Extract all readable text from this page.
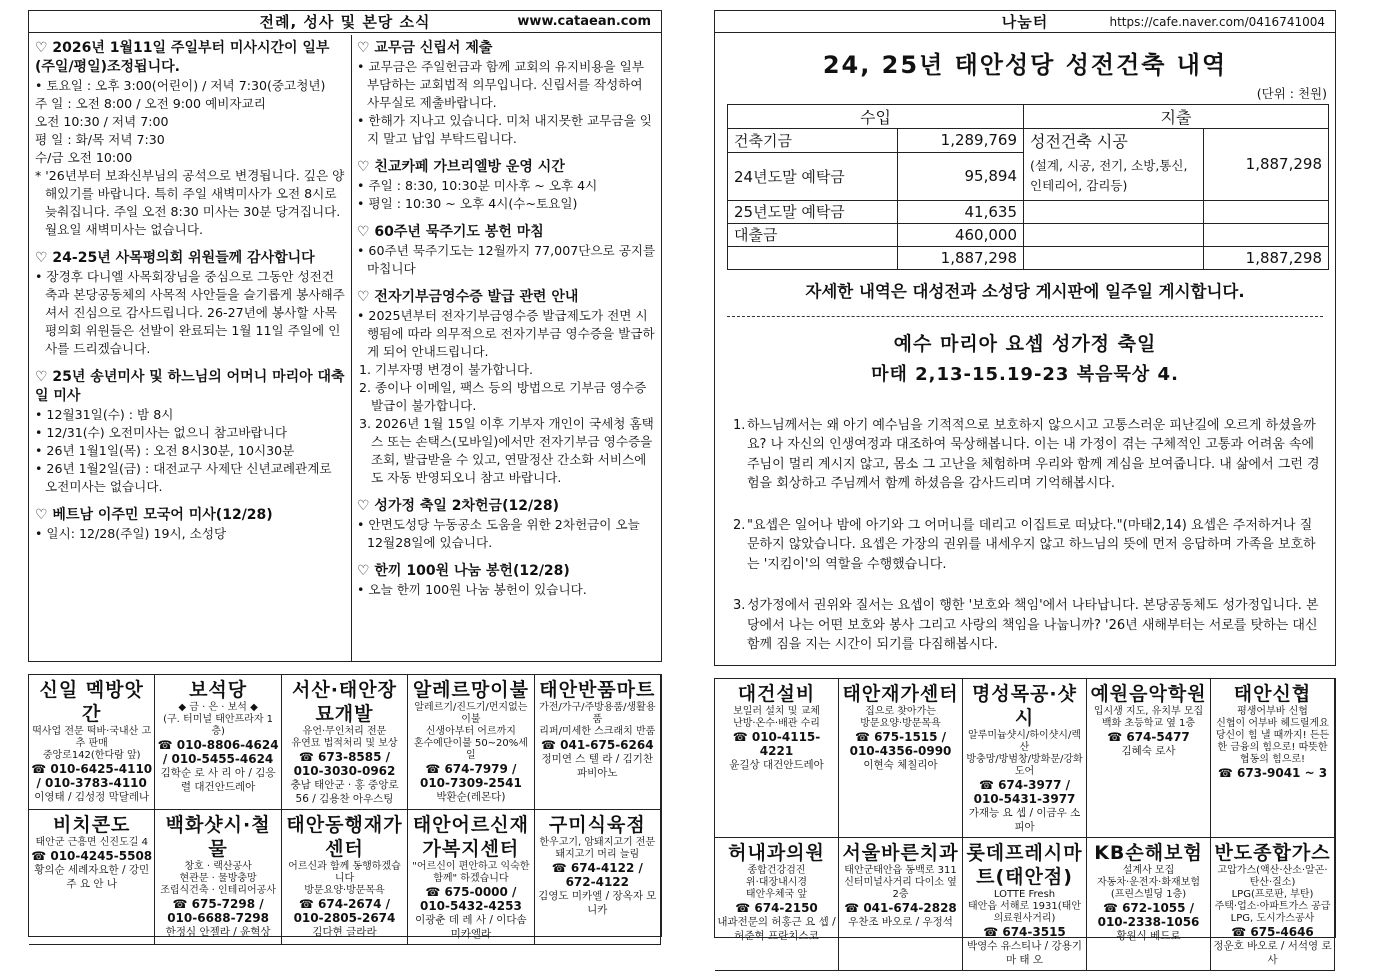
전례, 성사 및 본당 소식	www.cataean.com
♡ 2026년 1월11일 주일부터 미사시간이 일부(주일/평일)조정됩니다.

• 토요일 : 오후 3:00(어린이) / 저녁 7:30(중고청년)

주 일 : 오전 8:00 / 오전 9:00 예비자교리

오전 10:30 / 저녁 7:00

평 일 : 화/목 저녁 7:30

수/금 오전 10:00

* '26년부터 보좌신부님의 공석으로 변경됩니다. 깊은 양해있기를 바랍니다. 특히 주일 새벽미사가 오전 8시로 늦춰집니다. 주일 오전 8:30 미사는 30분 당겨집니다. 월요일 새벽미사는 없습니다.

♡ 24-25년 사목평의회 위원들께 감사합니다

• 장경후 다니엘 사목회장님을 중심으로 그동안 성전건축과 본당공동체의 사목적 사안들을 슬기롭게 봉사해주셔서 진심으로 감사드립니다. 26-27년에 봉사할 사목평의회 위원들은 선발이 완료되는 1월 11일 주일에 인사를 드리겠습니다.

♡ 25년 송년미사 및 하느님의 어머니 마리아 대축일 미사

• 12월31일(수) : 밤 8시

• 12/31(수) 오전미사는 없으니 참고바랍니다

• 26년 1월1일(목) : 오전 8시30분, 10시30분

• 26년 1월2일(금) : 대전교구 사제단 신년교례관계로 오전미사는 없습니다.

♡ 베트남 이주민 모국어 미사(12/28)

• 일시: 12/28(주일) 19시, 소성당

♡ 교무금 신립서 제출

• 교무금은 주일헌금과 함께 교회의 유지비용을 일부 부담하는 교회법적 의무입니다. 신립서를 작성하여 사무실로 제출바랍니다.

• 한해가 지나고 있습니다. 미처 내지못한 교무금을 잊지 말고 납입 부탁드립니다.

♡ 친교카페 가브리엘방 운영 시간

• 주일 : 8:30, 10:30분 미사후 ~ 오후 4시

• 평일 : 10:30 ~ 오후 4시(수~토요일)

♡ 60주년 묵주기도 봉헌 마침

• 60주년 묵주기도는 12월까지 77,007단으로 공지를 마칩니다

♡ 전자기부금영수증 발급 관련 안내

• 2025년부터 전자기부금영수증 발급제도가 전면 시행됨에 따라 의무적으로 전자기부금 영수증을 발급하게 되어 안내드립니다.

1. 기부자명 변경이 불가합니다.

2. 종이나 이메일, 팩스 등의 방법으로 기부금 영수증 발급이 불가합니다.

3. 2026년 1월 15일 이후 기부자 개인이 국세청 홈택스 또는 손택스(모바일)에서만 전자기부금 영수증을 조회, 발급받을 수 있고, 연말정산 간소화 서비스에도 자동 반영되오니 참고 바랍니다.

♡ 성가정 축일 2차헌금(12/28)

• 안면도성당 누동공소 도움을 위한 2차헌금이 오늘 12월28일에 있습니다.

♡ 한끼 100원 나눔 봉헌(12/28)

• 오늘 한끼 100원 나눔 봉헌이 있습니다.

신일 멕방앗간
떡사업 전문 떡바·국내산 고추 판매
중앙로142(한다람 앞)
☎ 010-6425-4110 / 010-3783-4110
이영태 / 김성정 막달레나
보석당
◆ 금 · 은 · 보석 ◆
(구. 터미널 태안프라자 1층)
☎ 010-8806-4624 / 010-5455-4624
김학순 로 사 리 아 / 김응렬 대건안드레아
서산·태안장묘개발
유언·무인처리 전문
유연묘 법적처리 및 보상
☎ 673-8585 / 010-3030-0962
충남 태안군 · 홍 중앙로 56 / 김용찬 아우스팅
알레르망이불
알레르기/진드기/먼지없는 이불
신생아부터 어르까지
혼수예단이불 50~20%세일
☎ 674-7979 / 010-7309-2541
박환순(레몬다)
태안반품마트
가전/가구/주방용품/생활용품
리퍼/미세한 스크래치 반품
☎ 041-675-6264
정미연 스 텔 라 / 김기찬 파비아노
비치콘도
태안군 근흥면 신진도길 4
☎ 010-4245-5508
황의순 세례자요한 / 강민주 요 안 나
백화샷시·철물
창호 · 랙산공사
현관문 · 물방충망
조립식건축 · 인테리어공사
☎ 675-7298 / 010-6688-7298
한정심 안젤라 / 윤혁상
태안동행재가센터
어르신과 함께 동행하겠습니다
방문요양·방문목욕
☎ 674-2674 / 010-2805-2674
김다현 글라라
태안어르신재가복지센터
"어르신이 편안하고 익숙한 함께" 하겠습니다
☎ 675-0000 / 010-5432-4253
이광춘 데 레 사 / 이다솜 미카엘라
구미식육점
한우고기, 암돼지고기 전문
돼지고기 머리 늘림
☎ 674-4122 / 672-4122
김영도 미카엘 / 장옥자 모니카
나눔터	https://cafe.naver.com/0416741004
24, 25년 태안성당 성전건축 내역
(단위 : 천원)
수입		지출	
건축기금	1,289,769	성전건축 시공	1,887,298
24년도말 예탁금	95,894	(설계, 시공, 전기, 소방,통신, 인테리어, 감리등)	
25년도말 예탁금	41,635		
대출금	460,000		
	1,887,298		1,887,298
자세한 내역은 대성전과 소성당 게시판에 일주일 게시합니다.
예수 마리아 요셉 성가정 축일
마태 2,13-15.19-23 복음묵상 4.
1. 하느님께서는 왜 아기 예수님을 기적적으로 보호하지 않으시고 고통스러운 피난길에 오르게 하셨을까요? 나 자신의 인생여정과 대조하여 묵상해봅니다. 이는 내 가정이 겪는 구체적인 고통과 어려움 속에 주님이 멀리 계시지 않고, 몸소 그 고난을 체험하며 우리와 함께 계심을 보여줍니다. 내 삶에서 그런 경험을 회상하고 주님께서 함께 하셨음을 감사드리며 기억해봅시다.
2. "요셉은 일어나 밤에 아기와 그 어머니를 데리고 이집트로 떠났다."(마태2,14) 요셉은 주저하거나 질문하지 않았습니다. 요셉은 가장의 권위를 내세우지 않고 하느님의 뜻에 먼저 응답하며 가족을 보호하는 '지킴이'의 역할을 수행했습니다.
3. 성가정에서 권위와 질서는 요셉이 행한 '보호와 책임'에서 나타납니다. 본당공동체도 성가정입니다. 본당에서 나는 어떤 보호와 봉사 그리고 사랑의 책임을 나눕니까? '26년 새해부터는 서로를 탓하는 대신 함께 짐을 지는 시간이 되기를 다짐해봅시다.
대건설비
보일러 설치 및 교체
난방·온수·배관 수리
☎ 010-4115-4221
윤길상 대건안드레아
태안재가센터
집으로 찾아가는
방문요양·방문목욕
☎ 675-1515 / 010-4356-0990
이현숙 체칠리아
명성목공·샷시
알루미늄샷시/하이샷시/렉산
방충망/방범창/방화문/강화도어
☎ 674-3977 / 010-5431-3977
가재능 요 셉 / 이금우 소피아
예원음악학원
입시생 지도, 유치부 모집
백화 초등학교 옆 1층
☎ 674-5477
김혜숙 로사
태안신협
평생어부바 신협
신협이 어부바 헤드릴게요
당신이 힘 낼 때까지! 든든한 금융의 힘으로! 따뜻한 협동의 힘으로!
☎ 673-9041 ~ 3
허내과의원
종합건강검진
위·대장내시경
태안우체국 앞
☎ 674-2150
내과전문의 허홍근 요 셉 / 허준혁 프란치스코
서울바른치과
태안군태안읍 동백로 311
신터미널사거리 다이소 옆 2층
☎ 041-674-2828
우찬조 바오로 / 우정석
롯데프레시마트(태안점)
LOTTE Fresh
태안읍 서해로 1931(태안의료원사거리)
☎ 674-3515
박영수 유스티나 / 강용기 마 태 오
KB손해보험
설계사 모집
자동차·운전자·화재보험
(프린스빌딩 1층)
☎ 672-1055 / 010-2338-1056
황원식 베드로
반도종합가스
고압가스(액산·산소·알곤·탄산·질소)
LPG(프로판, 부탄)
주택·업소·아파트가스 공급
LPG, 도시가스공사
☎ 675-4646
정운호 바오로 / 서석영 로 사
